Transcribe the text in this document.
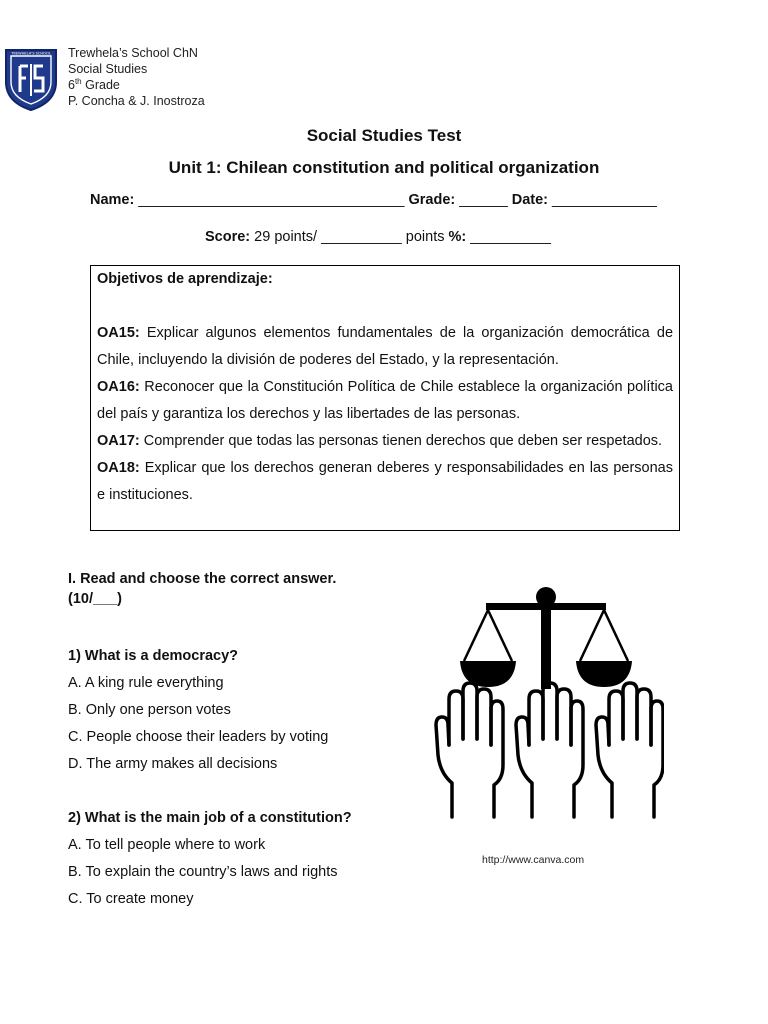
TREWHELA'S SCHOOL Trewhela’s School ChN
Social Studies
6th Grade
P. Concha & J. Inostroza
Social Studies Test
Unit 1: Chilean constitution and political organization
Name: _________________________________ Grade: ______ Date: _____________
Score: 29 points/ __________ points %: __________
Objetivos de aprendizaje:
OA15: Explicar algunos elementos fundamentales de la organización democrática de Chile, incluyendo la división de poderes del Estado, y la representación.
OA16: Reconocer que la Constitución Política de Chile establece la organización política del país y garantiza los derechos y las libertades de las personas.
OA17: Comprender que todas las personas tienen derechos que deben ser respetados.
OA18: Explicar que los derechos generan deberes y responsabilidades en las personas e instituciones.
I. Read and choose the correct answer.
(10/___)
1) What is a democracy?
A. A king rule everything
B. Only one person votes
C. People choose their leaders by voting
D. The army makes all decisions
2) What is the main job of a constitution?
A. To tell people where to work
B. To explain the country’s laws and rights
C. To create money
http://www.canva.com
